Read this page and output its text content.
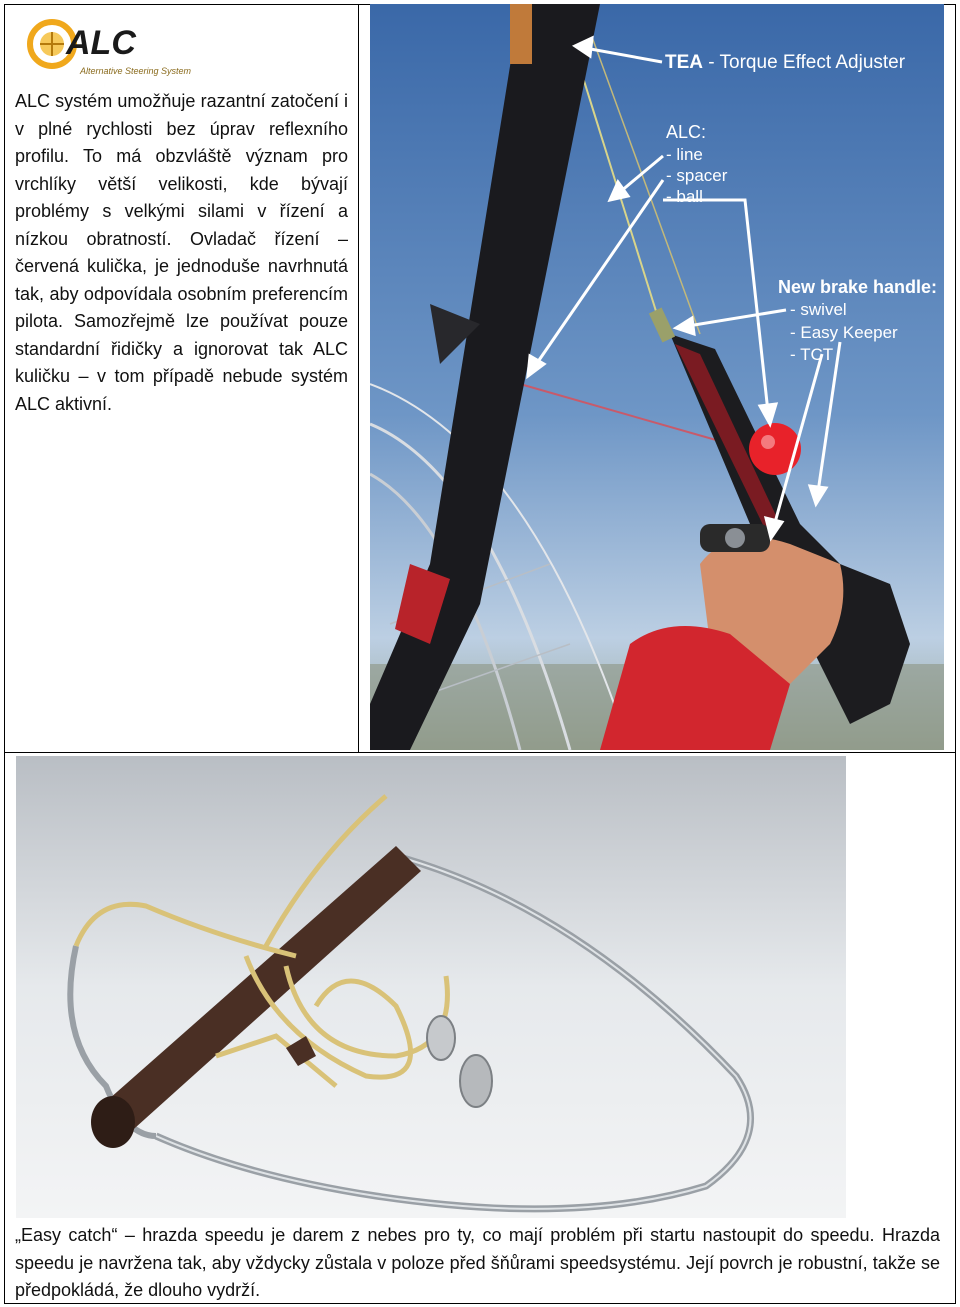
ALC
Alternative Steering System

ALC systém umožňuje razantní zatočení i v plné rychlosti bez úprav reflexního profilu. To má obzvláště význam pro vrchlíky větší velikosti, kde bývají problémy s velkými silami v řízení a nízkou obratností. Ovladač řízení – červená kulička, je jednoduše navrhnutá tak, aby odpovídala osobním preferencím pilota. Samozřejmě lze používat pouze standardní řidičky a ignorovat tak ALC kuličku – v tom případě nebude systém ALC aktivní.

TEA - Torque Effect Adjuster
ALC:
- line
- spacer
- ball
New brake handle:
- swivel
- Easy Keeper
- TCT

„Easy catch“ – hrazda speedu je darem z nebes pro ty, co mají problém při startu nastoupit do speedu. Hrazda speedu je navržena tak, aby vždycky zůstala v poloze před šňůrami speedsystému. Její povrch je robustní, takže se předpokládá, že dlouho vydrží.
